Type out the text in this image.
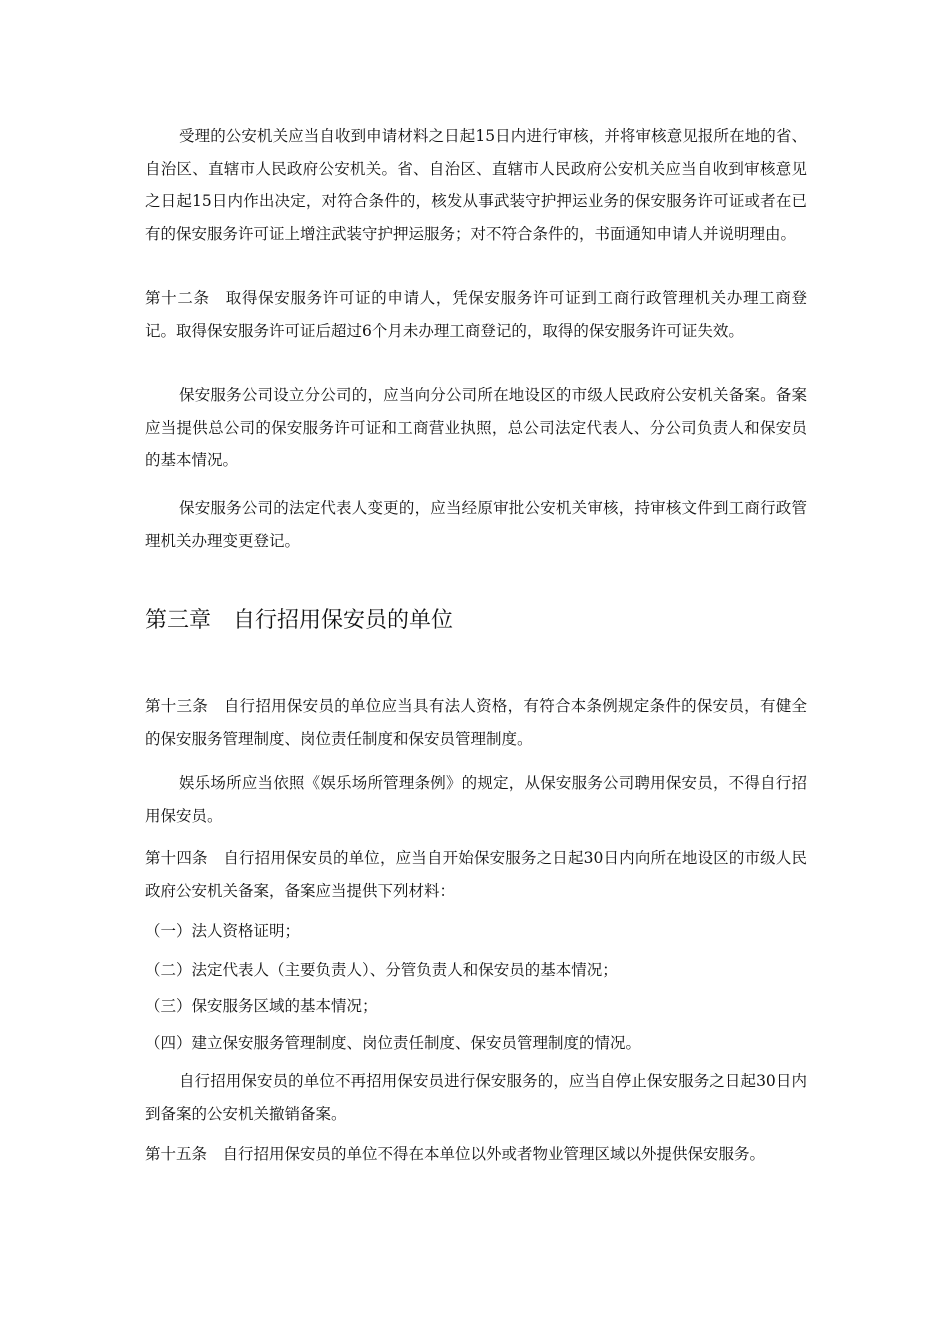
受理的公安机关应当自收到申请材料之日起15日内进行审核，并将审核意见报所在地的省、自治区、直辖市人民政府公安机关。省、自治区、直辖市人民政府公安机关应当自收到审核意见之日起15日内作出决定，对符合条件的，核发从事武装守护押运业务的保安服务许可证或者在已有的保安服务许可证上增注武装守护押运服务；对不符合条件的，书面通知申请人并说明理由。

第十二条　取得保安服务许可证的申请人，凭保安服务许可证到工商行政管理机关办理工商登记。取得保安服务许可证后超过6个月未办理工商登记的，取得的保安服务许可证失效。

保安服务公司设立分公司的，应当向分公司所在地设区的市级人民政府公安机关备案。备案应当提供总公司的保安服务许可证和工商营业执照，总公司法定代表人、分公司负责人和保安员的基本情况。

保安服务公司的法定代表人变更的，应当经原审批公安机关审核，持审核文件到工商行政管理机关办理变更登记。

第三章　自行招用保安员的单位

第十三条　自行招用保安员的单位应当具有法人资格，有符合本条例规定条件的保安员，有健全的保安服务管理制度、岗位责任制度和保安员管理制度。

娱乐场所应当依照《娱乐场所管理条例》的规定，从保安服务公司聘用保安员，不得自行招用保安员。

第十四条　自行招用保安员的单位，应当自开始保安服务之日起30日内向所在地设区的市级人民政府公安机关备案，备案应当提供下列材料：

（一）法人资格证明；

（二）法定代表人（主要负责人）、分管负责人和保安员的基本情况；

（三）保安服务区域的基本情况；

（四）建立保安服务管理制度、岗位责任制度、保安员管理制度的情况。

自行招用保安员的单位不再招用保安员进行保安服务的，应当自停止保安服务之日起30日内到备案的公安机关撤销备案。

第十五条　自行招用保安员的单位不得在本单位以外或者物业管理区域以外提供保安服务。
